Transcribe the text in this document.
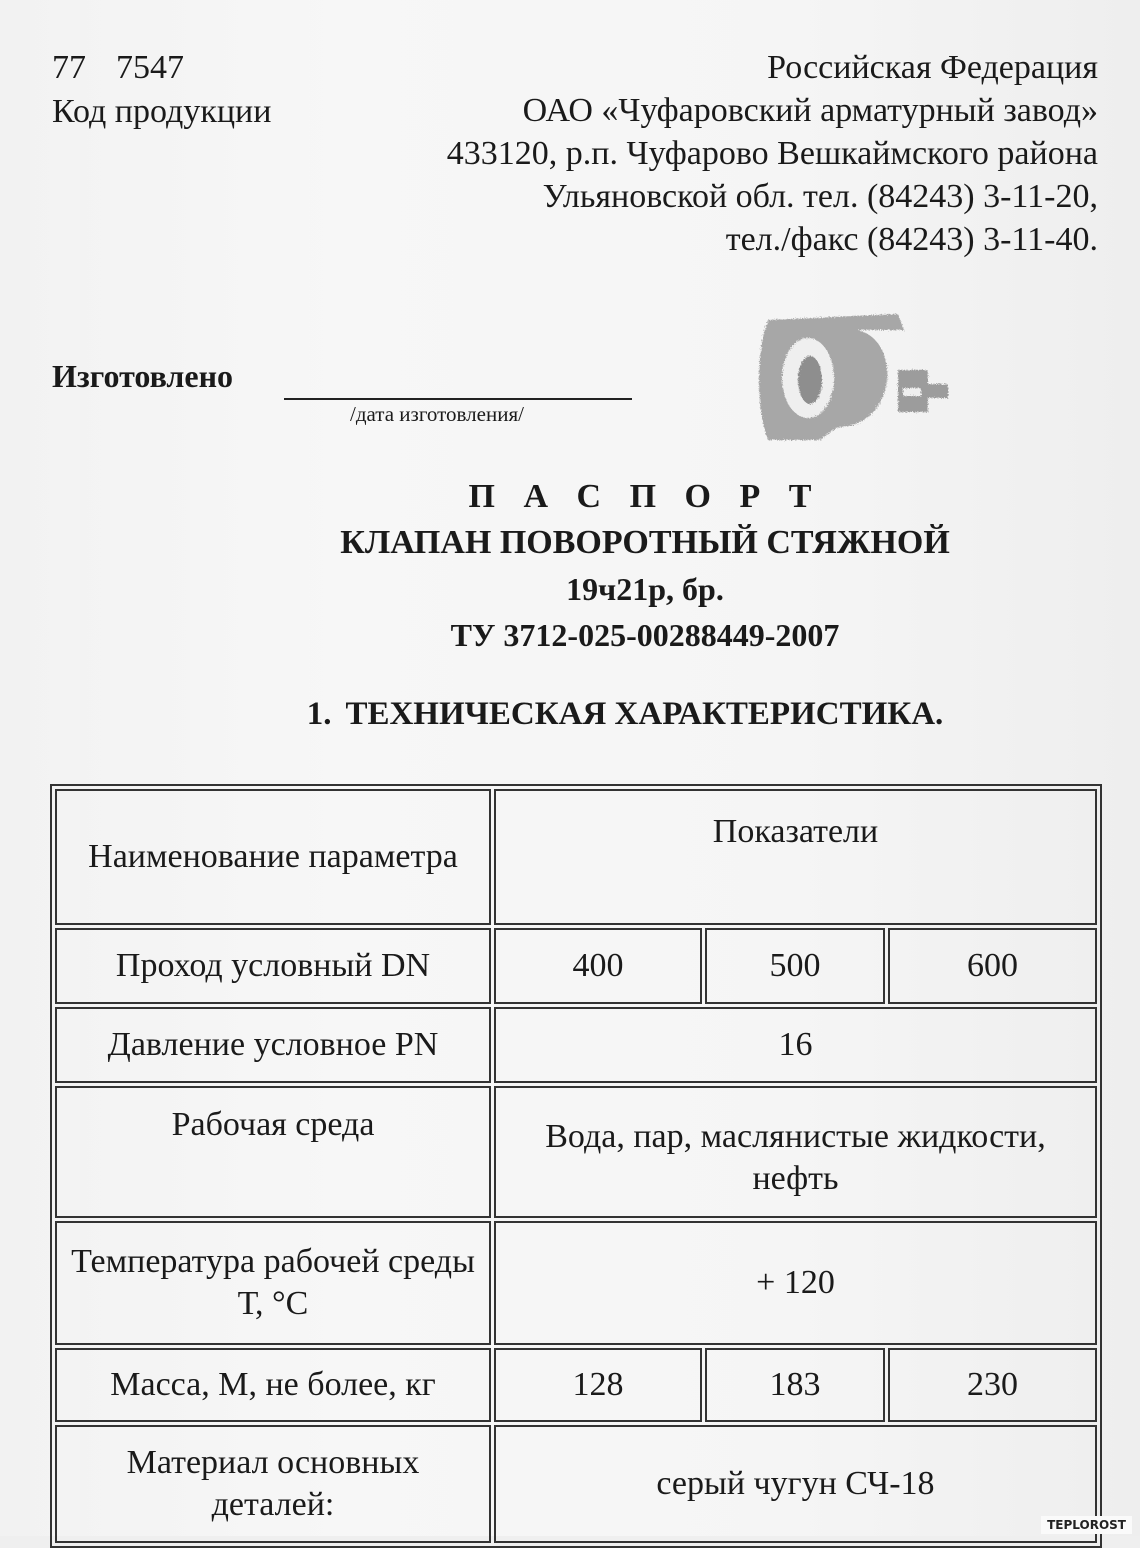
77 7547
Код продукции
Российская Федерация
ОАО «Чуфаровский арматурный завод»
433120, р.п. Чуфарово Вешкаймского района
Ульяновской обл. тел. (84243) 3-11-20,
тел./факс (84243) 3-11-40.
Изготовлено
/дата изготовления/
П А С П О Р Т
КЛАПАН ПОВОРОТНЫЙ СТЯЖНОЙ
19ч21р, бр.
ТУ 3712-025-00288449-2007
1. ТЕХНИЧЕСКАЯ ХАРАКТЕРИСТИКА.
Наименование параметра	Показатели		
Проход условный DN	400	500	600
Давление условное PN	16		
Рабочая среда	Вода, пар, маслянистые жидкости, нефть		
Температура рабочей среды Т, °С	+ 120		
Масса, М, не более, кг	128	183	230
Материал основных деталей:	серый чугун СЧ-18		
TEPLOROST
